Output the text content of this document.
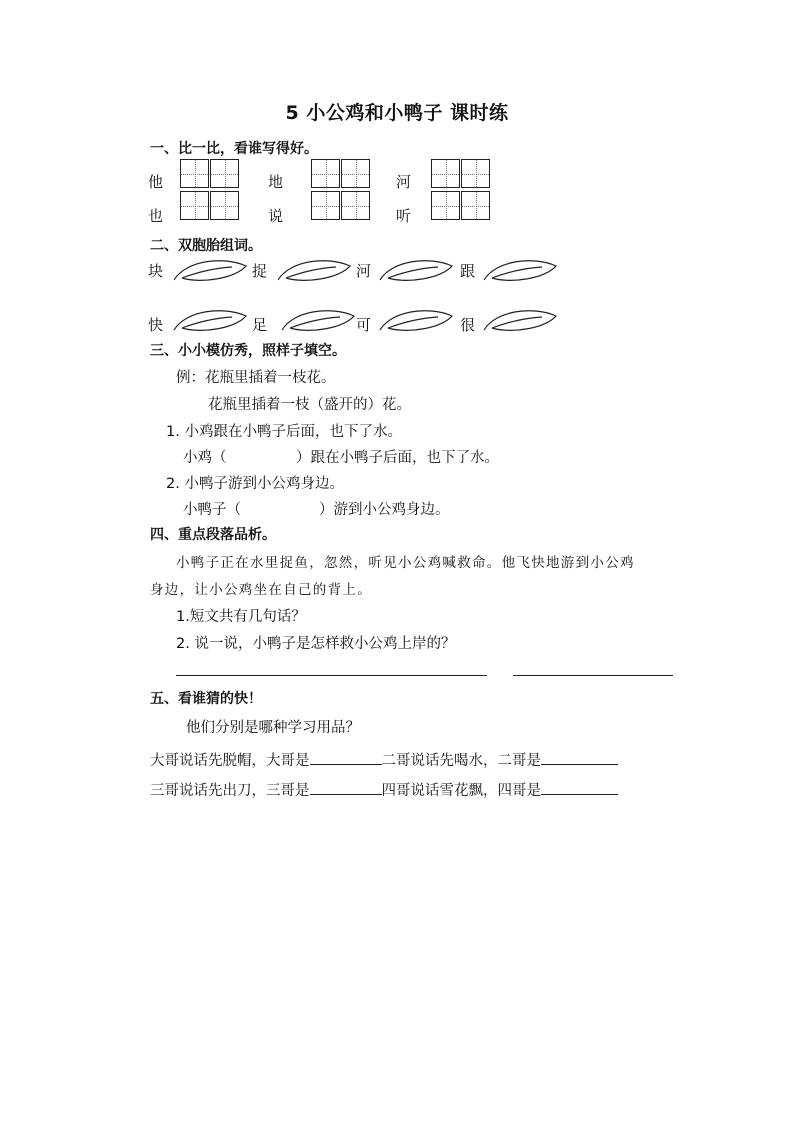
5 小公鸡和小鸭子 课时练
一、比一比，看谁写得好。
他	地	河
也	说	听
二、双胞胎组词。
块	捉	河	跟
快	足	可	很
三、小小模仿秀，照样子填空。
例：花瓶里插着一枝花。
花瓶里插着一枝（盛开的）花。
1. 小鸡跟在小鸭子后面，也下了水。
小鸡（	）跟在小鸭子后面，也下了水。
2. 小鸭子游到小公鸡身边。
小鸭子（	）游到小公鸡身边。
四、重点段落品析。
小鸭子正在水里捉鱼，忽然，听见小公鸡喊救命。他飞快地游到小公鸡
身边，让小公鸡坐在自己的背上。
1.短文共有几句话？
2. 说一说，小鸭子是怎样救小公鸡上岸的？
五、看谁猜的快！
他们分别是哪种学习用品？
大哥说话先脱帽，大哥是	二哥说话先喝水，二哥是
三哥说话先出刀，三哥是	四哥说话雪花飘，四哥是
